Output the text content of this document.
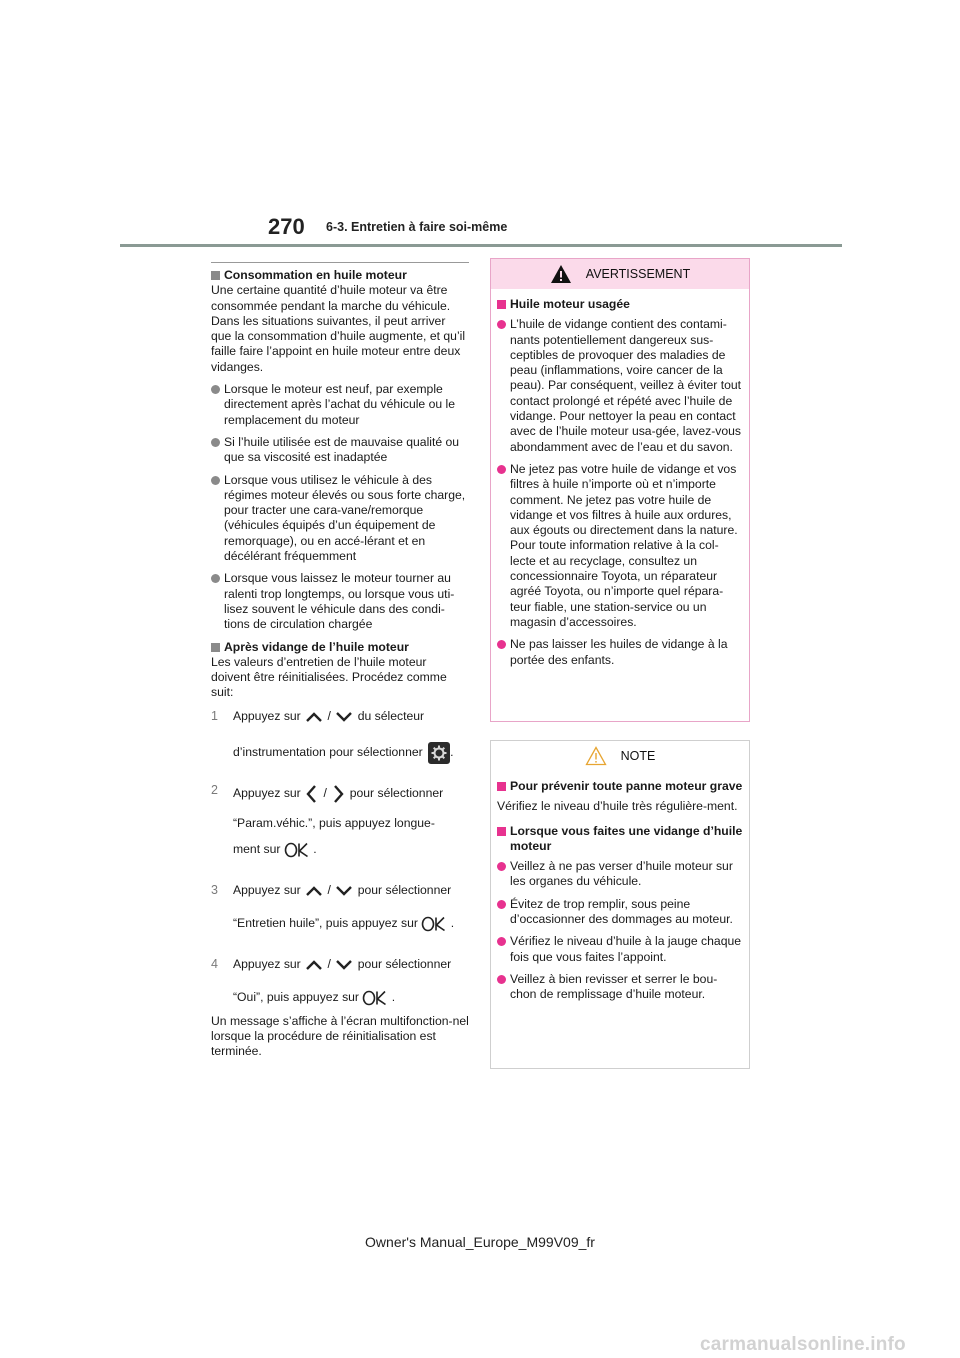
270 6-3. Entretien à faire soi-même
Consommation en huile moteur

Une certaine quantité d’huile moteur va être consommée pendant la marche du véhicule. Dans les situations suivantes, il peut arriver que la consommation d’huile augmente, et qu’il faille faire l’appoint en huile moteur entre deux vidanges.

Lorsque le moteur est neuf, par exemple directement après l’achat du véhicule ou le remplacement du moteur
Si l’huile utilisée est de mauvaise qualité ou que sa viscosité est inadaptée
Lorsque vous utilisez le véhicule à des régimes moteur élevés ou sous forte charge, pour tracter une cara-vane/remorque (véhicules équipés d’un équipement de remorquage), ou en accé-lérant et en décélérant fréquemment
Lorsque vous laissez le moteur tourner au ralenti trop longtemps, ou lorsque vous uti-lisez souvent le véhicule dans des condi-tions de circulation chargée
Après vidange de l’huile moteur

Les valeurs d’entretien de l’huile moteur doivent être réinitialisées. Procédez comme suit:

1 Appuyez sur / du sélecteur
d’instrumentation pour sélectionner .
2 Appuyez sur / pour sélectionner
“Param.véhic.”, puis appuyez longue-
ment sur	.
3 Appuyez sur / pour sélectionner
“Entretien huile”, puis appuyez sur	.
4 Appuyez sur / pour sélectionner
“Oui”, puis appuyez sur	.

Un message s’affiche à l’écran multifonction-nel lorsque la procédure de réinitialisation est terminée.

AVERTISSEMENT
Huile moteur usagée
L’huile de vidange contient des contami-nants potentiellement dangereux sus-ceptibles de provoquer des maladies de peau (inflammations, voire cancer de la peau). Par conséquent, veillez à éviter tout contact prolongé et répété avec l’huile de vidange. Pour nettoyer la peau en contact avec de l’huile moteur usa-gée, lavez-vous abondamment avec de l’eau et du savon.
Ne jetez pas votre huile de vidange et vos filtres à huile n’importe où et n’importe comment. Ne jetez pas votre huile de vidange et vos filtres à huile aux ordures, aux égouts ou directement dans la nature.
Pour toute information relative à la col-lecte et au recyclage, consultez un concessionnaire Toyota, un réparateur agréé Toyota, ou n’importe quel répara-teur fiable, une station-service ou un magasin d’accessoires.
Ne pas laisser les huiles de vidange à la portée des enfants.
NOTE
Pour prévenir toute panne moteur grave

Vérifiez le niveau d’huile très régulière-ment.

Lorsque vous faites une vidange d’huile moteur
Veillez à ne pas verser d’huile moteur sur les organes du véhicule.
Évitez de trop remplir, sous peine d’occasionner des dommages au moteur.
Vérifiez le niveau d’huile à la jauge chaque fois que vous faites l’appoint.
Veillez à bien revisser et serrer le bou-chon de remplissage d’huile moteur.
Owner's Manual_Europe_M99V09_fr
carmanualsonline.info
